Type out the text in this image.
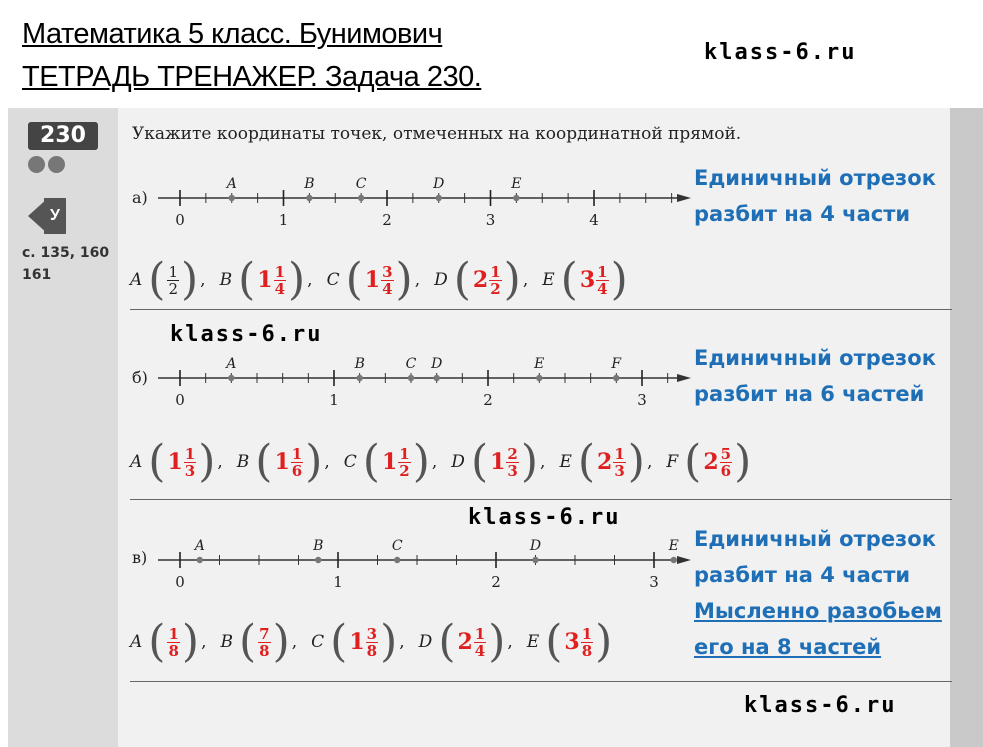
Математика 5 класс. Бунимович
ТЕТРАДЬ ТРЕНАЖЕР. Задача 230.
klass-6.ru
klass-6.ru
klass-6.ru
klass-6.ru
230
У
с. 135, 160
161
Укажите координаты точек, отмеченных на координатной прямой.
0	1	2	3	4
A	B	C	D	E
0	1	2	3
A	B	C D	E	F
0	1	2	3
A	B	C	D	E
а)
б)
в)
Единичный отрезок
разбит на 4 части
Единичный отрезок
разбит на 6 частей
Единичный отрезок
разбит на 4 части
Мысленно разобьем
его на 8 частей
A ( $\frac{1}{2}$ ) , B ( $1 \frac{1}{4}$ ) , C ( $1 \frac{3}{4}$ ) , D ( $2 \frac{1}{2}$ ) , E ( $3 \frac{1}{4}$ )
A ( $1 \frac{1}{3}$ ) , B ( $1 \frac{1}{6}$ ) , C ( $1 \frac{1}{2}$ ) , D ( $1 \frac{2}{3}$ ) , E ( $2 \frac{1}{3}$ ) , F ( $2 \frac{5}{6}$ )
A ( $\frac{1}{8}$ ) , B ( $\frac{7}{8}$ ) , C ( $1 \frac{3}{8}$ ) , D ( $2 \frac{1}{4}$ ) , E ( $3 \frac{1}{8}$ )
